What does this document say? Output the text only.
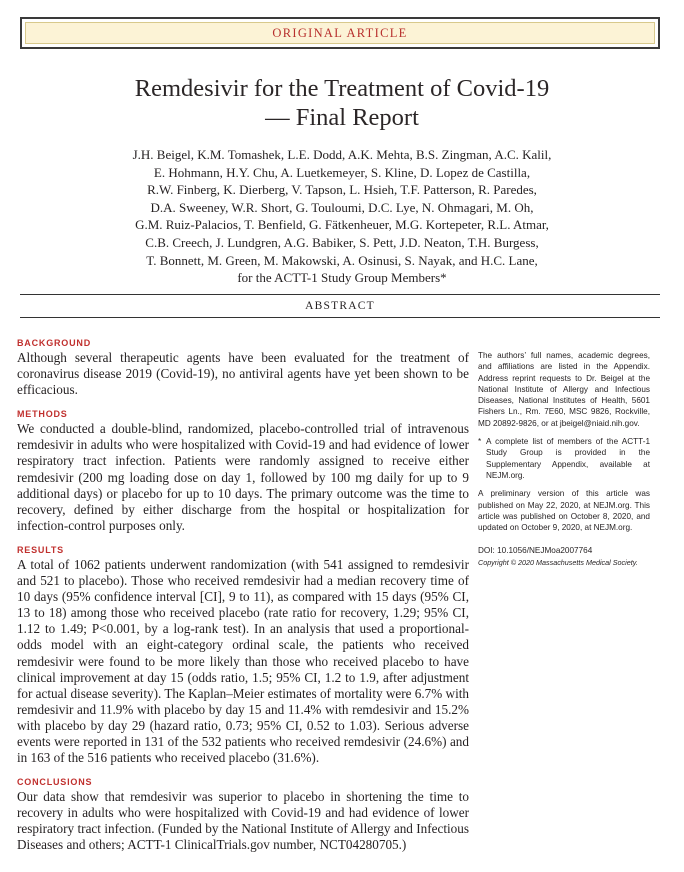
ORIGINAL ARTICLE
Remdesivir for the Treatment of Covid-19
— Final Report
J.H. Beigel, K.M. Tomashek, L.E. Dodd, A.K. Mehta, B.S. Zingman, A.C. Kalil,
E. Hohmann, H.Y. Chu, A. Luetkemeyer, S. Kline, D. Lopez de Castilla,
R.W. Finberg, K. Dierberg, V. Tapson, L. Hsieh, T.F. Patterson, R. Paredes,
D.A. Sweeney, W.R. Short, G. Touloumi, D.C. Lye, N. Ohmagari, M. Oh,
G.M. Ruiz-Palacios, T. Benfield, G. Fätkenheuer, M.G. Kortepeter, R.L. Atmar,
C.B. Creech, J. Lundgren, A.G. Babiker, S. Pett, J.D. Neaton, T.H. Burgess,
T. Bonnett, M. Green, M. Makowski, A. Osinusi, S. Nayak, and H.C. Lane,
for the ACTT-1 Study Group Members*
ABSTRACT

BACKGROUND

Although several therapeutic agents have been evaluated for the treatment of coronavirus disease 2019 (Covid-19), no antiviral agents have yet been shown to be efficacious.

METHODS

We conducted a double-blind, randomized, placebo-controlled trial of intravenous remdesivir in adults who were hospitalized with Covid-19 and had evidence of lower respiratory tract infection. Patients were randomly assigned to receive either remdesivir (200 mg loading dose on day 1, followed by 100 mg daily for up to 9 additional days) or placebo for up to 10 days. The primary outcome was the time to recovery, defined by either discharge from the hospital or hospitalization for infection-control purposes only.

RESULTS

A total of 1062 patients underwent randomization (with 541 assigned to remdesivir and 521 to placebo). Those who received remdesivir had a median recovery time of 10 days (95% confidence interval [CI], 9 to 11), as compared with 15 days (95% CI, 13 to 18) among those who received placebo (rate ratio for recovery, 1.29; 95% CI, 1.12 to 1.49; P<0.001, by a log-rank test). In an analysis that used a proportional-odds model with an eight-category ordinal scale, the patients who received remdesivir were found to be more likely than those who received placebo to have clinical improvement at day 15 (odds ratio, 1.5; 95% CI, 1.2 to 1.9, after adjustment for actual disease severity). The Kaplan–Meier estimates of mortality were 6.7% with remdesivir and 11.9% with placebo by day 15 and 11.4% with remdesivir and 15.2% with placebo by day 29 (hazard ratio, 0.73; 95% CI, 0.52 to 1.03). Serious adverse events were reported in 131 of the 532 patients who received remdesivir (24.6%) and in 163 of the 516 patients who received placebo (31.6%).

CONCLUSIONS

Our data show that remdesivir was superior to placebo in shortening the time to recovery in adults who were hospitalized with Covid-19 and had evidence of lower respiratory tract infection. (Funded by the National Institute of Allergy and Infectious Diseases and others; ACTT-1 ClinicalTrials.gov number, NCT04280705.)

The authors’ full names, academic degrees, and affiliations are listed in the Appendix. Address reprint requests to Dr. Beigel at the National Institute of Allergy and Infectious Diseases, National Institutes of Health, 5601 Fishers Ln., Rm. 7E60, MSC 9826, Rockville, MD 20892-9826, or at jbeigel@niaid.nih.gov.

* A complete list of members of the ACTT-1 Study Group is provided in the Supplementary Appendix, available at NEJM.org.

A preliminary version of this article was published on May 22, 2020, at NEJM.org. This article was published on October 8, 2020, and updated on October 9, 2020, at NEJM.org.

DOI: 10.1056/NEJMoa2007764

Copyright © 2020 Massachusetts Medical Society.
